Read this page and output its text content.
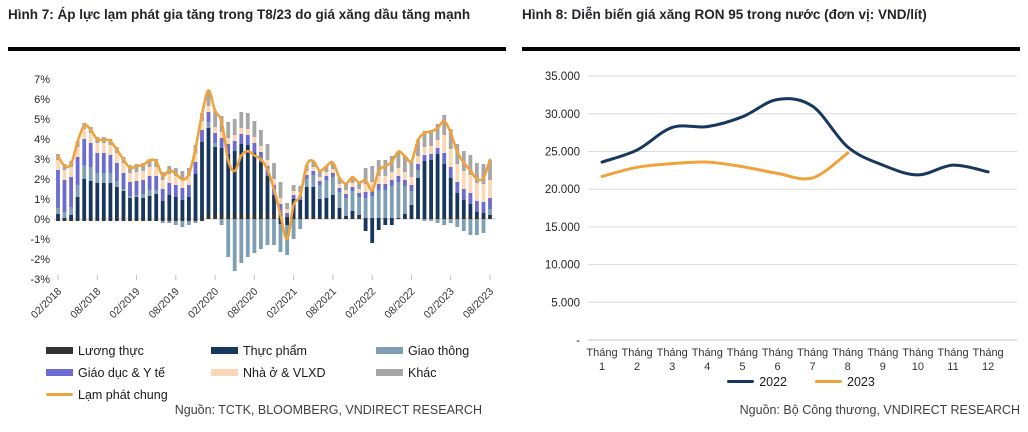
Hình 7: Áp lực lạm phát gia tăng trong T8/23 do giá xăng dầu tăng mạnh
7%
6%
5%
4%
3%
2%
1%
0%
-1%
-2%
-3%
02/2018 08/2018 02/2019 08/2019 02/2020 08/2020 02/2021 08/2021 02/2022 08/2022 02/2023 08/2023
Lương thực	Thực phẩm	Giao thông
Giáo dục & Y tế	Nhà ở & VLXD	Khác
Lạm phát chung
Nguồn: TCTK, BLOOMBERG, VNDIRECT RESEARCH
Hình 8: Diễn biến giá xăng RON 95 trong nước (đơn vị: VND/lít)
35.000
30.000
25.000
20.000
15.000
10.000
5.000
-
Tháng 1
Tháng 2
Tháng 3
Tháng 4
Tháng 5
Tháng 6
Tháng 7
Tháng 8
Tháng 9
Tháng 10
Tháng 11
Tháng 12
2022	2023
Nguồn: Bộ Công thương, VNDIRECT RESEARCH
